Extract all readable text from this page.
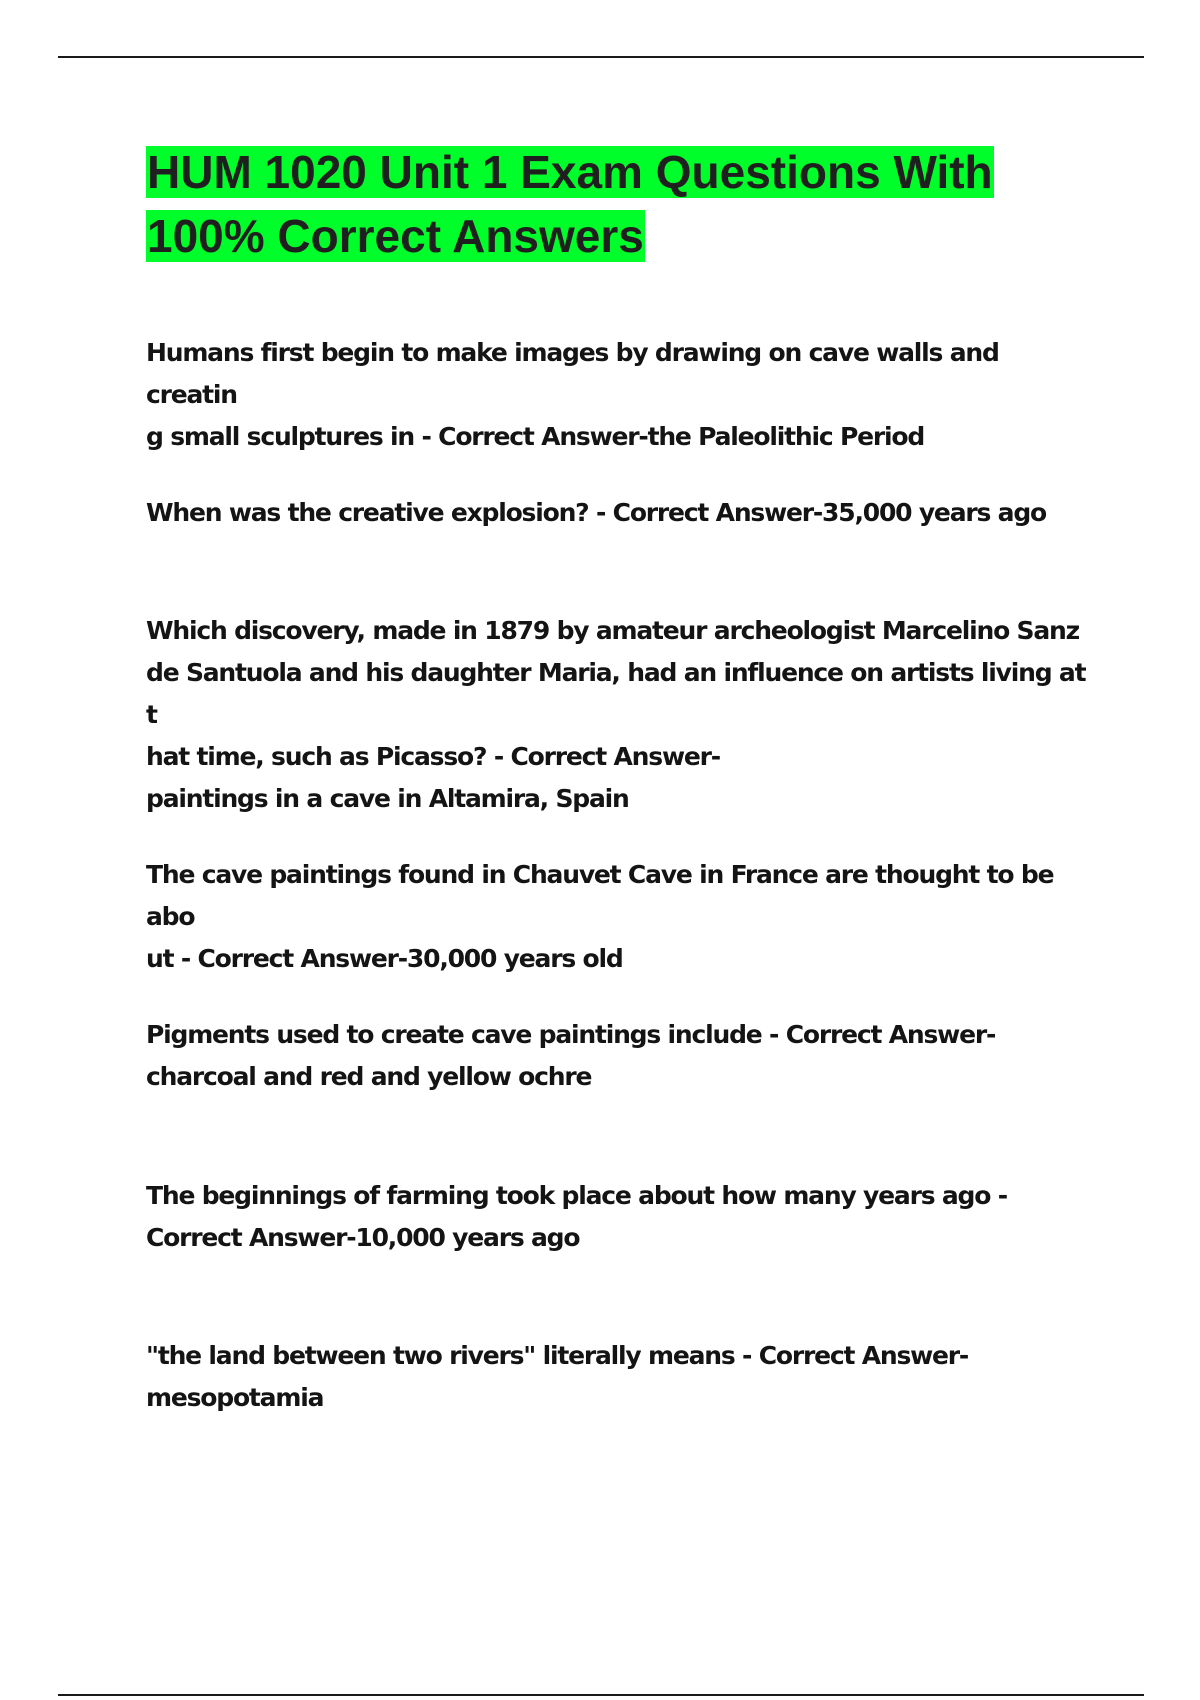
HUM 1020 Unit 1 Exam Questions With 100% Correct Answers

Humans first begin to make images by drawing on cave walls and creatin
g small sculptures in - Correct Answer-the Paleolithic Period

When was the creative explosion? - Correct Answer-35,000 years ago

Which discovery, made in 1879 by amateur archeologist Marcelino Sanz
de Santuola and his daughter Maria, had an influence on artists living at t
hat time, such as Picasso? - Correct Answer-
paintings in a cave in Altamira, Spain

The cave paintings found in Chauvet Cave in France are thought to be abo
ut - Correct Answer-30,000 years old

Pigments used to create cave paintings include - Correct Answer-
charcoal and red and yellow ochre

The beginnings of farming took place about how many years ago -
Correct Answer-10,000 years ago

"the land between two rivers" literally means - Correct Answer-
mesopotamia
